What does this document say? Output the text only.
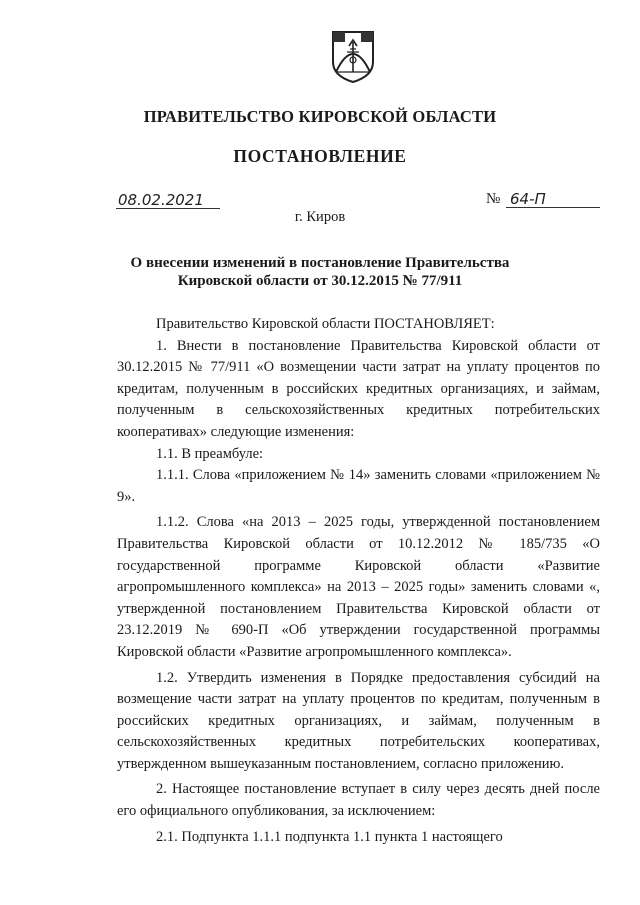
ПРАВИТЕЛЬСТВО КИРОВСКОЙ ОБЛАСТИ
ПОСТАНОВЛЕНИЕ
08.02.2021	№ 64-П
г. Киров
О внесении изменений в постановление Правительства
Кировской области от 30.12.2015 № 77/911

Правительство Кировской области ПОСТАНОВЛЯЕТ:

1. Внести в постановление Правительства Кировской области от 30.12.2015 № 77/911 «О возмещении части затрат на уплату процентов по кредитам, полученным в российских кредитных организациях, и займам, полученным в сельскохозяйственных кредитных потребительских кооперативах» следующие изменения:

1.1. В преамбуле:

1.1.1. Слова «приложением № 14» заменить словами «приложением № 9».

1.1.2. Слова «на 2013 – 2025 годы, утвержденной постановлением Правительства Кировской области от 10.12.2012 № 185/735 «О государственной программе Кировской области «Развитие агропромышленного комплекса» на 2013 – 2025 годы» заменить словами «, утвержденной постановлением Правительства Кировской области от 23.12.2019 № 690-П «Об утверждении государственной программы Кировской области «Развитие агропромышленного комплекса».

1.2. Утвердить изменения в Порядке предоставления субсидий на возмещение части затрат на уплату процентов по кредитам, полученным в российских кредитных организациях, и займам, полученным в сельскохозяйственных кредитных потребительских кооперативах, утвержденном вышеуказанным постановлением, согласно приложению.

2. Настоящее постановление вступает в силу через десять дней после его официального опубликования, за исключением:

2.1. Подпункта 1.1.1 подпункта 1.1 пункта 1 настоящего
